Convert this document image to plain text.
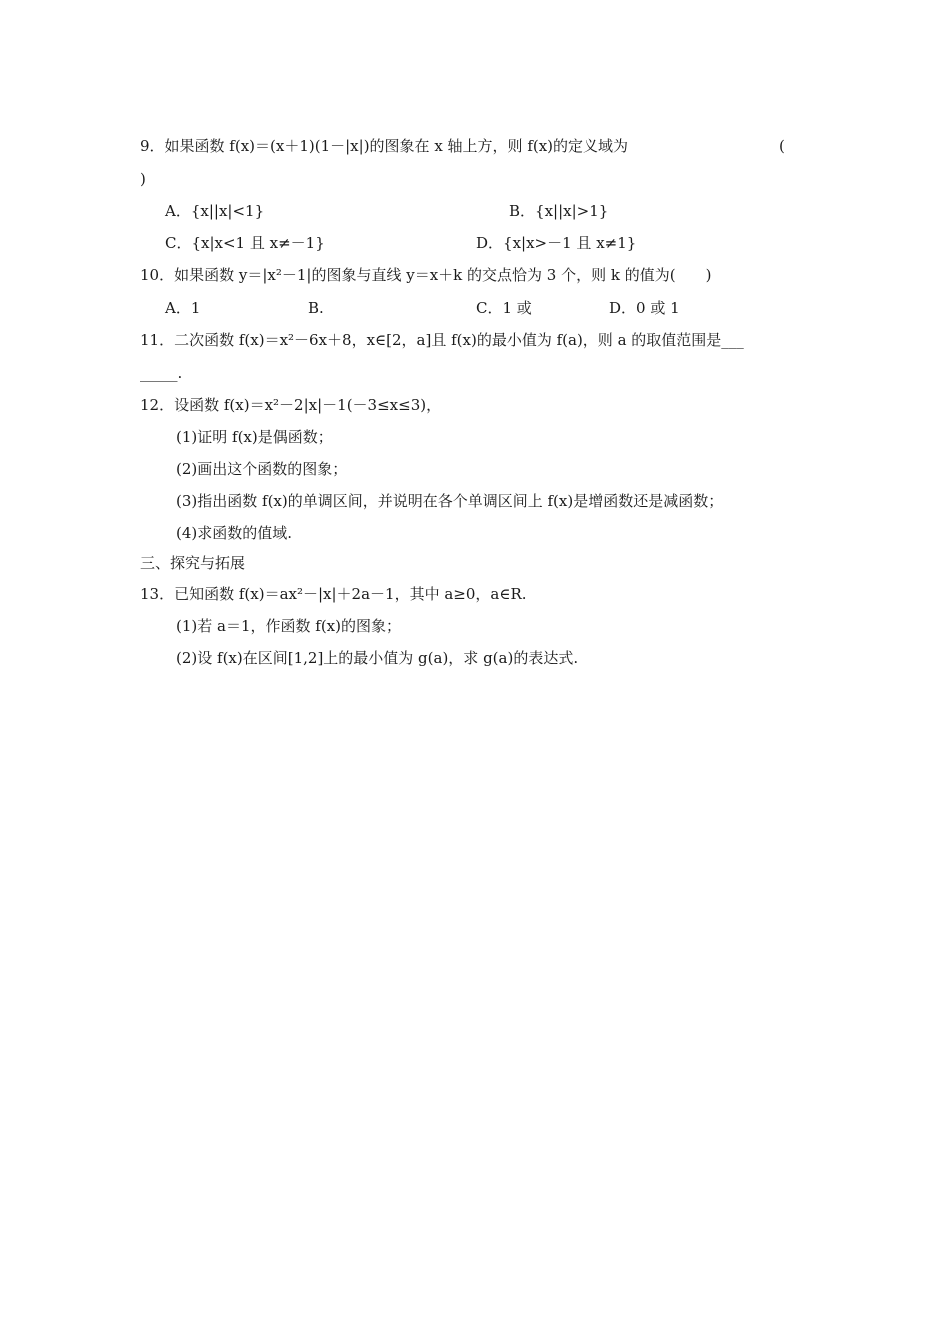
9．如果函数 f(x)＝(x＋1)(1－|x|)的图象在 x 轴上方，则 f(x)的定义域为	(
)
A．{x||x|<1}	B．{x||x|>1}
C．{x|x<1 且 x≠－1}	D．{x|x>－1 且 x≠1}
10．如果函数 y＝|x²－1|的图象与直线 y＝x＋k 的交点恰为 3 个，则 k 的值为(　　)
A．1	B.	C．1 或	D．0 或 1
11．二次函数 f(x)＝x²－6x＋8，x∈[2，a]且 f(x)的最小值为 f(a)，则 a 的取值范围是___
_____.
12．设函数 f(x)＝x²－2|x|－1(－3≤x≤3)，
(1)证明 f(x)是偶函数；
(2)画出这个函数的图象；
(3)指出函数 f(x)的单调区间，并说明在各个单调区间上 f(x)是增函数还是减函数；
(4)求函数的值域.
三、探究与拓展
13．已知函数 f(x)＝ax²－|x|＋2a－1，其中 a≥0，a∈R.
(1)若 a＝1，作函数 f(x)的图象；
(2)设 f(x)在区间[1,2]上的最小值为 g(a)，求 g(a)的表达式.
